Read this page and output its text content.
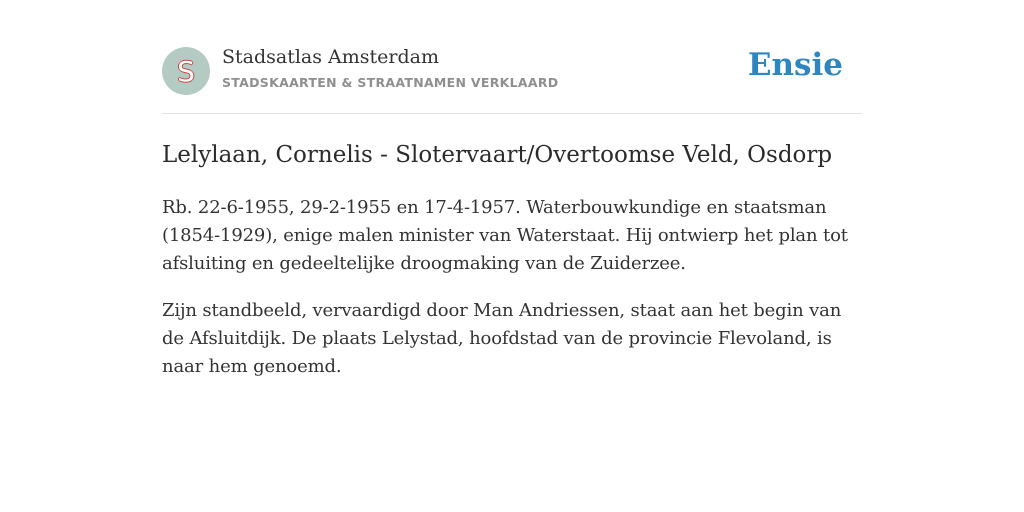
S Stadsatlas Amsterdam
STADSKAARTEN & STRAATNAMEN VERKLAARD	Ensie
Lelylaan, Cornelis - Slotervaart/Overtoomse Veld, Osdorp

Rb. 22-6-1955, 29-2-1955 en 17-4-1957. Waterbouwkundige en staatsman (1854-1929), enige malen minister van Waterstaat. Hij ontwierp het plan tot afsluiting en gedeeltelijke droogmaking van de Zuiderzee.

Zijn standbeeld, vervaardigd door Man Andriessen, staat aan het begin van de Afsluitdijk. De plaats Lelystad, hoofdstad van de provincie Flevoland, is naar hem genoemd.
